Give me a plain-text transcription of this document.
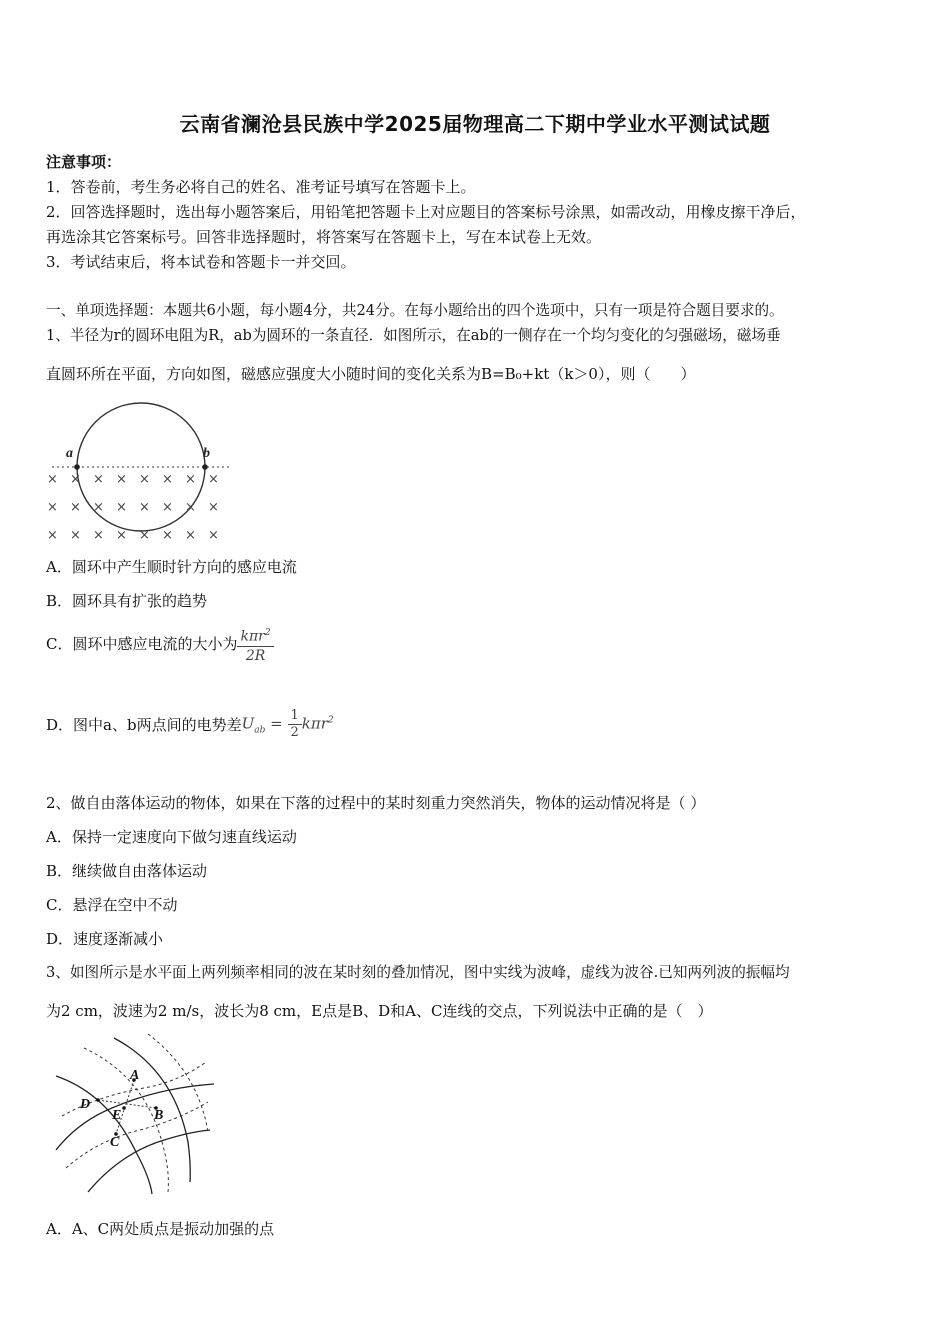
云南省澜沧县民族中学2025届物理高二下期中学业水平测试试题
注意事项：
1．答卷前，考生务必将自己的姓名、准考证号填写在答题卡上。
2．回答选择题时，选出每小题答案后，用铅笔把答题卡上对应题目的答案标号涂黑，如需改动，用橡皮擦干净后，
再选涂其它答案标号。回答非选择题时，将答案写在答题卡上，写在本试卷上无效。
3．考试结束后，将本试卷和答题卡一并交回。
一、单项选择题：本题共6小题，每小题4分，共24分。在每小题给出的四个选项中，只有一项是符合题目要求的。
1、半径为r的圆环电阻为R，ab为圆环的一条直径．如图所示，在ab的一侧存在一个均匀变化的匀强磁场，磁场垂
直圆环所在平面，方向如图，磁感应强度大小随时间的变化关系为B=B₀+kt（k＞0），则（　　）
a	b
× × × × × × × ×
× × × × × × × ×
× × × × × × × ×
A．圆环中产生顺时针方向的感应电流
B．圆环具有扩张的趋势
C．圆环中感应电流的大小为 $\frac{k\pi r^2}{2R}$
D．图中a、b两点间的电势差$U_{ab} = \frac{1}{2} k\pi r^2$
2、做自由落体运动的物体，如果在下落的过程中的某时刻重力突然消失，物体的运动情况将是（ ）
A．保持一定速度向下做匀速直线运动
B．继续做自由落体运动
C．悬浮在空中不动
D．速度逐渐减小
3、如图所示是水平面上两列频率相同的波在某时刻的叠加情况，图中实线为波峰，虚线为波谷.已知两列波的振幅均
为2 cm，波速为2 m/s，波长为8 cm，E点是B、D和A、C连线的交点，下列说法中正确的是（　）
A
B
C
D
E
A．A、C两处质点是振动加强的点
